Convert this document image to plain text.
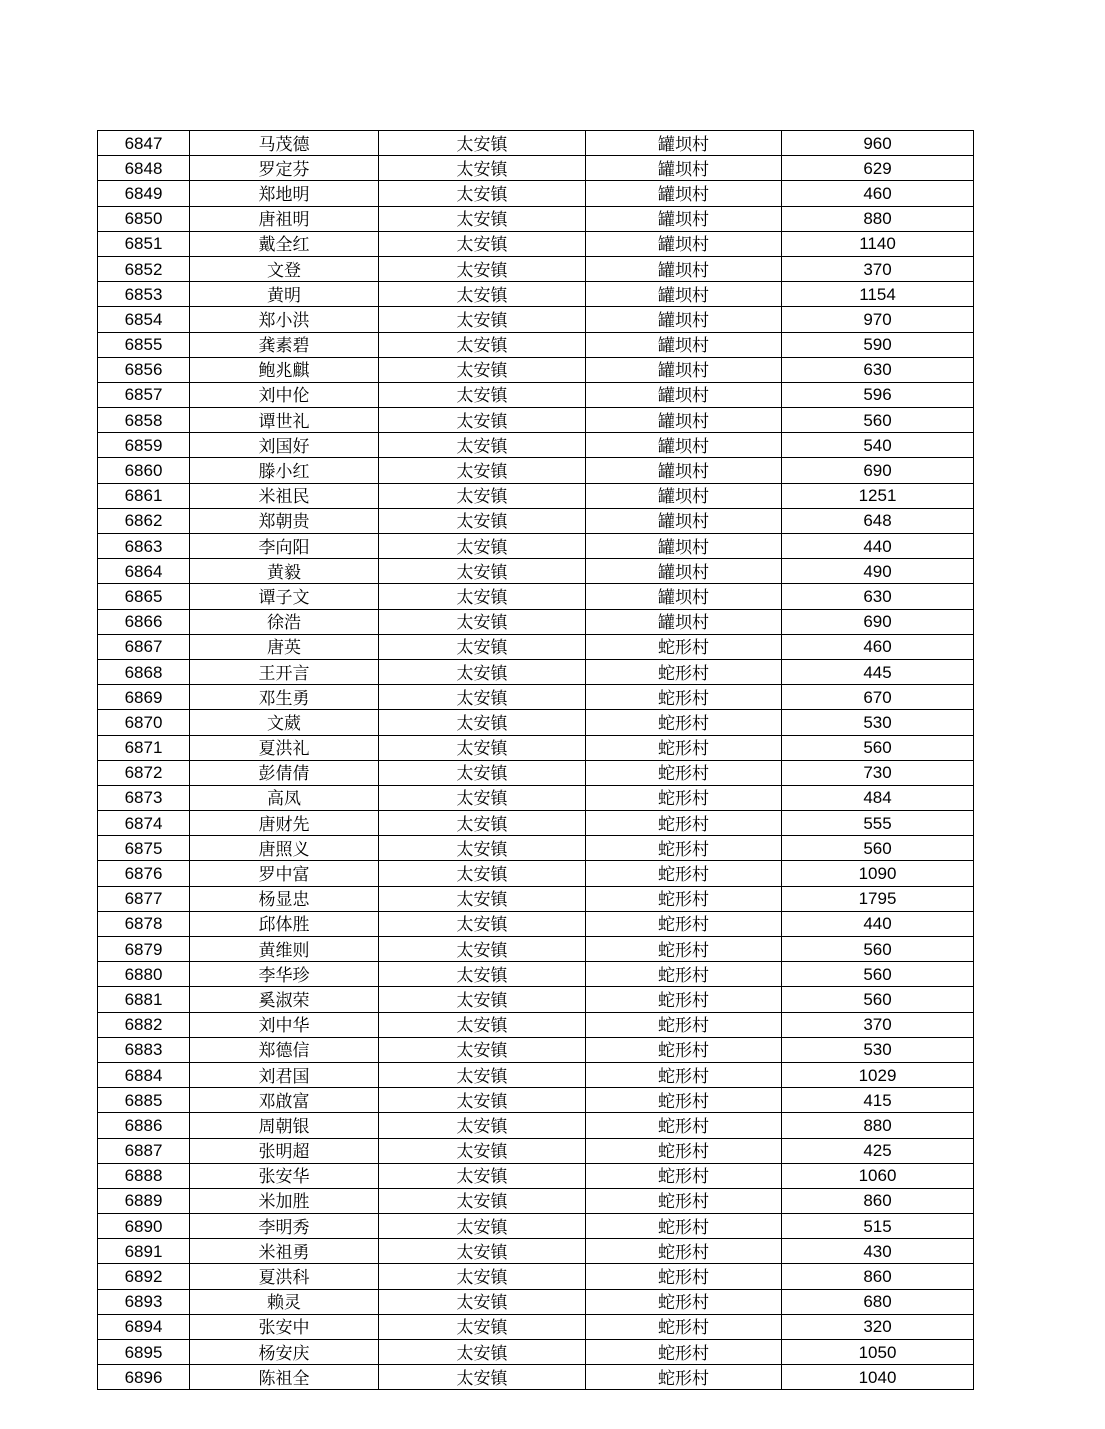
6847	马茂德	太安镇	罐坝村	960
6848	罗定芬	太安镇	罐坝村	629
6849	郑地明	太安镇	罐坝村	460
6850	唐祖明	太安镇	罐坝村	880
6851	戴全红	太安镇	罐坝村	1140
6852	文登	太安镇	罐坝村	370
6853	黄明	太安镇	罐坝村	1154
6854	郑小洪	太安镇	罐坝村	970
6855	龚素碧	太安镇	罐坝村	590
6856	鲍兆麒	太安镇	罐坝村	630
6857	刘中伦	太安镇	罐坝村	596
6858	谭世礼	太安镇	罐坝村	560
6859	刘国好	太安镇	罐坝村	540
6860	滕小红	太安镇	罐坝村	690
6861	米祖民	太安镇	罐坝村	1251
6862	郑朝贵	太安镇	罐坝村	648
6863	李向阳	太安镇	罐坝村	440
6864	黄毅	太安镇	罐坝村	490
6865	谭子文	太安镇	罐坝村	630
6866	徐浩	太安镇	罐坝村	690
6867	唐英	太安镇	蛇形村	460
6868	王开言	太安镇	蛇形村	445
6869	邓生勇	太安镇	蛇形村	670
6870	文葳	太安镇	蛇形村	530
6871	夏洪礼	太安镇	蛇形村	560
6872	彭倩倩	太安镇	蛇形村	730
6873	高凤	太安镇	蛇形村	484
6874	唐财先	太安镇	蛇形村	555
6875	唐照义	太安镇	蛇形村	560
6876	罗中富	太安镇	蛇形村	1090
6877	杨显忠	太安镇	蛇形村	1795
6878	邱体胜	太安镇	蛇形村	440
6879	黄维则	太安镇	蛇形村	560
6880	李华珍	太安镇	蛇形村	560
6881	奚淑荣	太安镇	蛇形村	560
6882	刘中华	太安镇	蛇形村	370
6883	郑德信	太安镇	蛇形村	530
6884	刘君国	太安镇	蛇形村	1029
6885	邓啟富	太安镇	蛇形村	415
6886	周朝银	太安镇	蛇形村	880
6887	张明超	太安镇	蛇形村	425
6888	张安华	太安镇	蛇形村	1060
6889	米加胜	太安镇	蛇形村	860
6890	李明秀	太安镇	蛇形村	515
6891	米祖勇	太安镇	蛇形村	430
6892	夏洪科	太安镇	蛇形村	860
6893	赖灵	太安镇	蛇形村	680
6894	张安中	太安镇	蛇形村	320
6895	杨安庆	太安镇	蛇形村	1050
6896	陈祖全	太安镇	蛇形村	1040
